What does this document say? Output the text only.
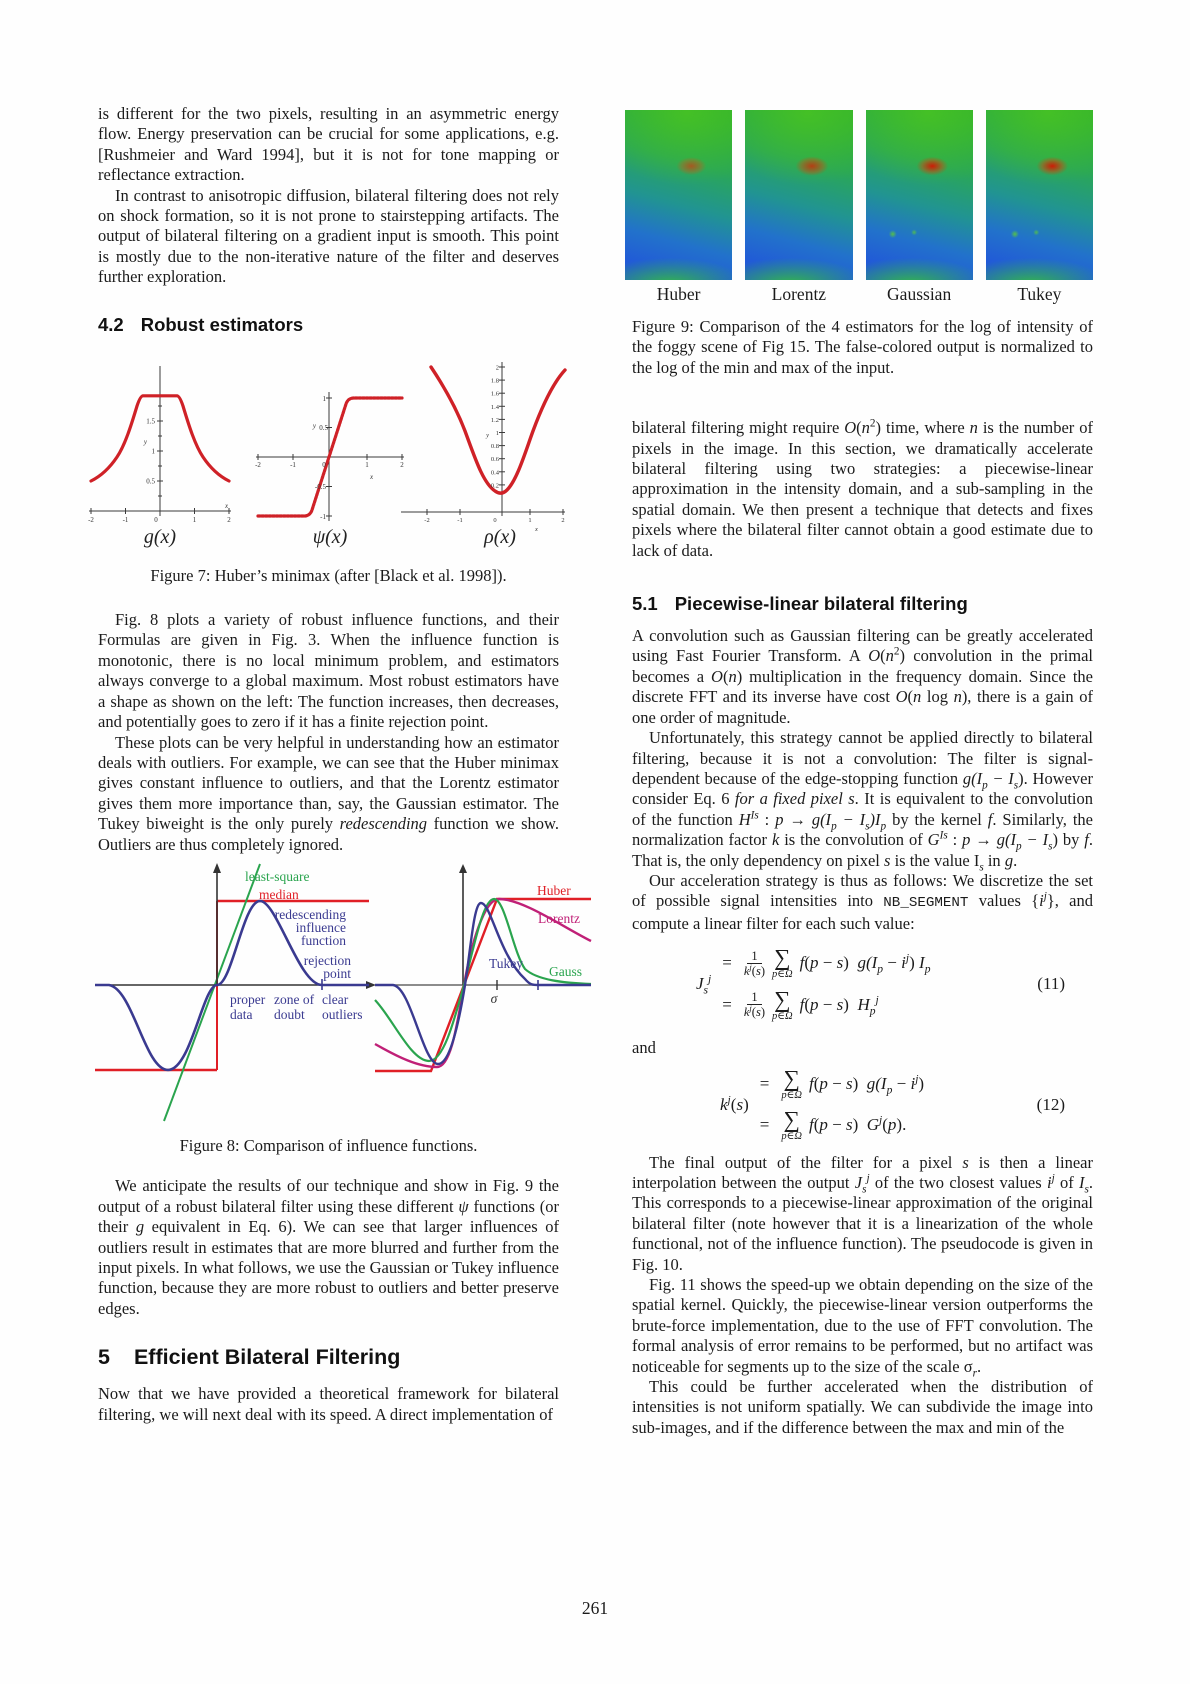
is different for the two pixels, resulting in an asymmetric energy flow. Energy preservation can be crucial for some applications, e.g. [Rushmeier and Ward 1994], but it is not for tone mapping or reflectance extraction.

In contrast to anisotropic diffusion, bilateral filtering does not rely on shock formation, so it is not prone to stairstepping artifacts. The output of bilateral filtering on a gradient input is smooth. This point is mostly due to the non-iterative nature of the filter and deserves further exploration.

4.2 Robust estimators
1.5
1
0.5
y
-2	-1	0	1	2
x
1
0.5
y
-0.5
-1
-2	-1	0	1	2
x
2
1.8
1.6
1.4
1.2
1
0.8
0.6
0.4
0.2
y
-2	-1	0	1	2
x
g(x)	ψ(x)	ρ(x)

Figure 7: Huber’s minimax (after [Black et al. 1998]).

Fig. 8 plots a variety of robust influence functions, and their Formulas are given in Fig. 3. When the influence function is monotonic, there is no local minimum problem, and estimators always converge to a global maximum. Most robust estimators have a shape as shown on the left: The function increases, then decreases, and potentially goes to zero if it has a finite rejection point.

These plots can be very helpful in understanding how an estimator deals with outliers. For example, we can see that the Huber minimax gives constant influence to outliers, and that the Lorentz estimator gives them more importance than, say, the Gaussian estimator. The Tukey biweight is the only purely redescending function we show. Outliers are thus completely ignored.

least-square
median
redescending
influence
function
rejection
point
proper
data
zone of
doubt
clear
outliers
Huber
Lorentz
Tukey
Gauss
σ

Figure 8: Comparison of influence functions.

We anticipate the results of our technique and show in Fig. 9 the output of a robust bilateral filter using these different ψ functions (or their g equivalent in Eq. 6). We can see that larger influences of outliers result in estimates that are more blurred and further from the input pixels. In what follows, we use the Gaussian or Tukey influence function, because they are more robust to outliers and better preserve edges.

5 Efficient Bilateral Filtering

Now that we have provided a theoretical framework for bilateral filtering, we will next deal with its speed. A direct implementation of

Huber	Lorentz	Gaussian	Tukey

Figure 9: Comparison of the 4 estimators for the log of intensity of the foggy scene of Fig 15. The false-colored output is normalized to the log of the min and max of the input.

bilateral filtering might require $O(n^2)$ time, where n is the number of pixels in the image. In this section, we dramatically accelerate bilateral filtering using two strategies: a piecewise-linear approximation in the intensity domain, and a sub-sampling in the spatial domain. We then present a technique that detects and fixes pixels where the bilateral filter cannot obtain a good estimate due to lack of data.

5.1 Piecewise-linear bilateral filtering

A convolution such as Gaussian filtering can be greatly accelerated using Fast Fourier Transform. A $O(n^2)$ convolution in the primal becomes a O(n) multiplication in the frequency domain. Since the discrete FFT and its inverse have cost O(n log n), there is a gain of one order of magnitude.

Unfortunately, this strategy cannot be applied directly to bilateral filtering, because it is not a convolution: The filter is signal-dependent because of the edge-stopping function $g(I_p - I_s)$. However consider Eq. 6 for a fixed pixel s. It is equivalent to the convolution of the function $H^{Is}$ : $p \to g(I_p - I_s)I_p$ by the kernel f. Similarly, the normalization factor k is the convolution of $G^{Is}$ : $p \to g(I_p - I_s)$ by f. That is, the only dependency on pixel s is the value $I_s$ in g.

Our acceleration strategy is thus as follows: We discretize the set of possible signal intensities into NB_SEGMENT values $\{i^j\}$, and compute a linear filter for each such value:

$J_s^j$
= $\frac{1}{k^j(s)}$ ∑
p∈Ω
f(p − s) $g(I_p - i^j)$ $I_p$
= $\frac{1}{k^j(s)}$ ∑
p∈Ω
f(p − s) $H_p^j$
(11)

and

$k^j(s)$
= ∑
p∈Ω
f(p − s) $g(I_p - i^j)$
= ∑
p∈Ω
f(p − s) $G^j(p)$.
(12)

The final output of the filter for a pixel s is then a linear interpolation between the output $J_s^j$ of the two closest values $i^j$ of $I_s$. This corresponds to a piecewise-linear approximation of the original bilateral filter (note however that it is a linearization of the whole functional, not of the influence function). The pseudocode is given in Fig. 10.

Fig. 11 shows the speed-up we obtain depending on the size of the spatial kernel. Quickly, the piecewise-linear version outperforms the brute-force implementation, due to the use of FFT convolution. The formal analysis of error remains to be performed, but no artifact was noticeable for segments up to the size of the scale $\sigma_r$.

This could be further accelerated when the distribution of intensities is not uniform spatially. We can subdivide the image into sub-images, and if the difference between the max and min of the

261
